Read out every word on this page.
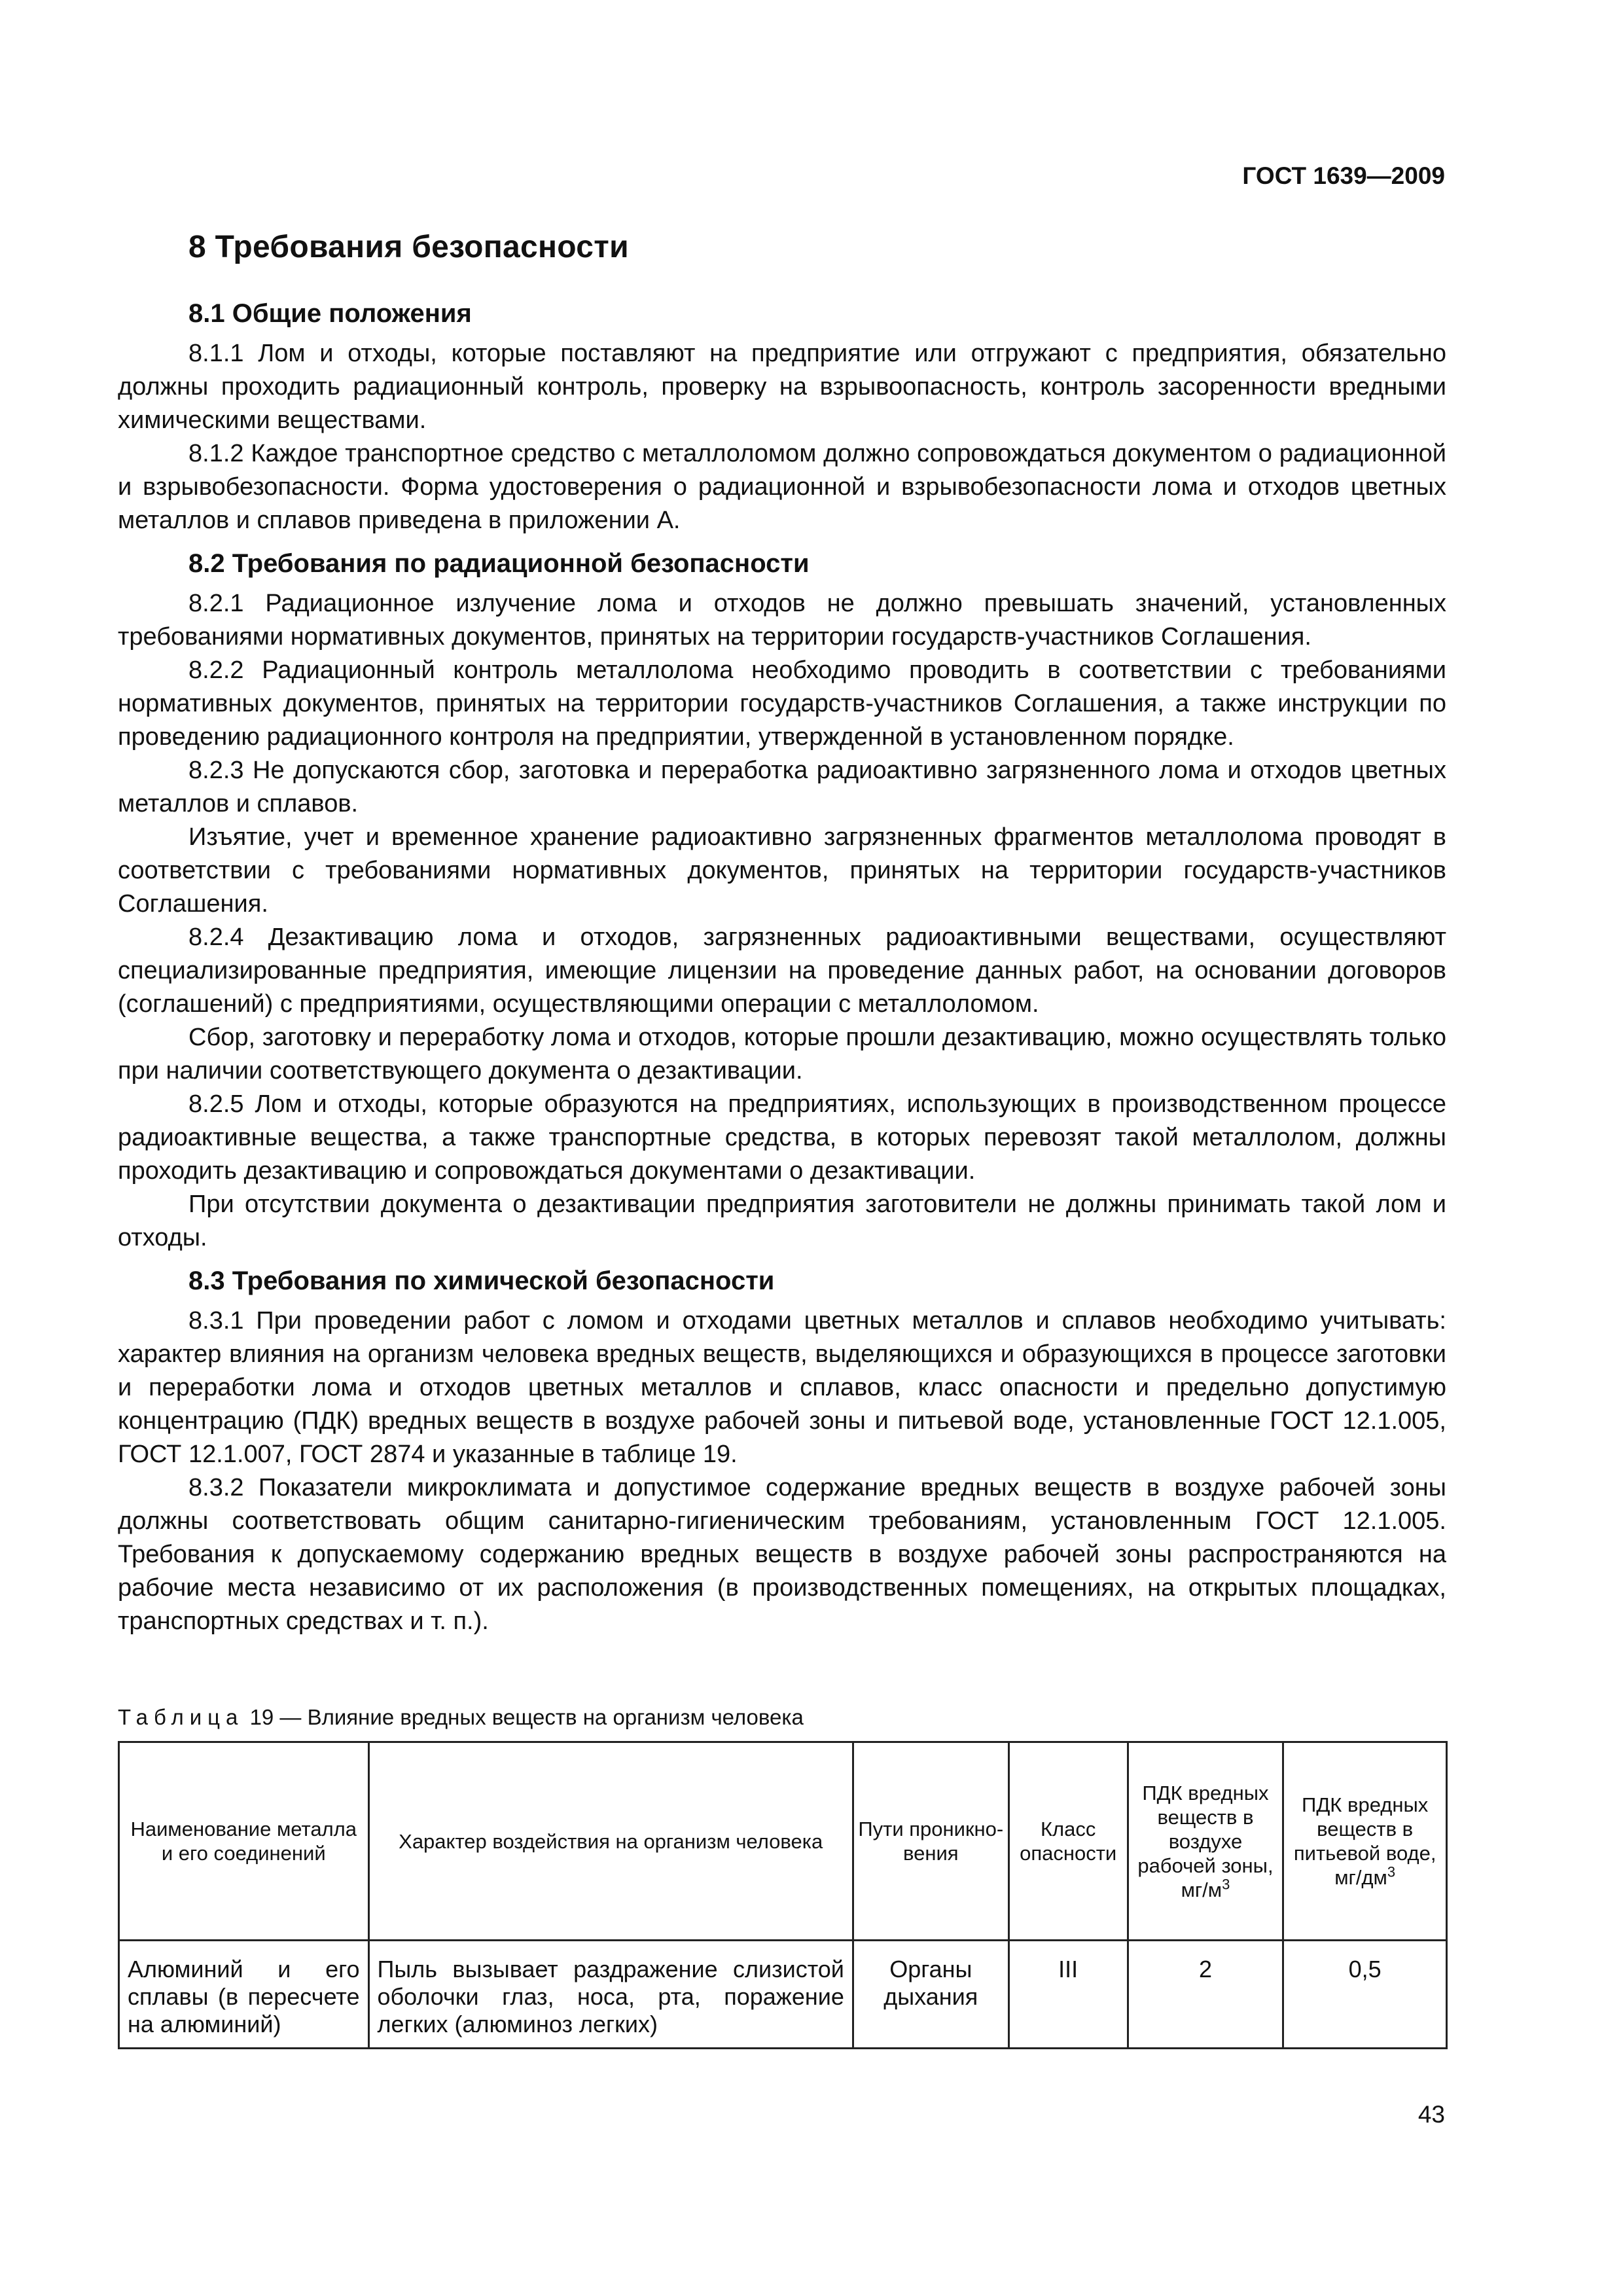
ГОСТ 1639—2009
8 Требования безопасности
8.1 Общие положения

8.1.1 Лом и отходы, которые поставляют на предприятие или отгружают с предприятия, обязательно должны проходить радиационный контроль, проверку на взрывоопасность, контроль засоренности вредными химическими веществами.

8.1.2 Каждое транспортное средство с металлоломом должно сопровождаться документом о радиационной и взрывобезопасности. Форма удостоверения о радиационной и взрывобезопасности лома и отходов цветных металлов и сплавов приведена в приложении А.

8.2 Требования по радиационной безопасности

8.2.1 Радиационное излучение лома и отходов не должно превышать значений, установленных требованиями нормативных документов, принятых на территории государств-участников Соглашения.

8.2.2 Радиационный контроль металлолома необходимо проводить в соответствии с требованиями нормативных документов, принятых на территории государств-участников Соглашения, а также инструкции по проведению радиационного контроля на предприятии, утвержденной в установленном порядке.

8.2.3 Не допускаются сбор, заготовка и переработка радиоактивно загрязненного лома и отходов цветных металлов и сплавов.

Изъятие, учет и временное хранение радиоактивно загрязненных фрагментов металлолома проводят в соответствии с требованиями нормативных документов, принятых на территории государств-участников Соглашения.

8.2.4 Дезактивацию лома и отходов, загрязненных радиоактивными веществами, осуществляют специализированные предприятия, имеющие лицензии на проведение данных работ, на основании договоров (соглашений) с предприятиями, осуществляющими операции с металлоломом.

Сбор, заготовку и переработку лома и отходов, которые прошли дезактивацию, можно осуществлять только при наличии соответствующего документа о дезактивации.

8.2.5 Лом и отходы, которые образуются на предприятиях, использующих в производственном процессе радиоактивные вещества, а также транспортные средства, в которых перевозят такой металлолом, должны проходить дезактивацию и сопровождаться документами о дезактивации.

При отсутствии документа о дезактивации предприятия заготовители не должны принимать такой лом и отходы.

8.3 Требования по химической безопасности

8.3.1 При проведении работ с ломом и отходами цветных металлов и сплавов необходимо учитывать: характер влияния на организм человека вредных веществ, выделяющихся и образующихся в процессе заготовки и переработки лома и отходов цветных металлов и сплавов, класс опасности и предельно допустимую концентрацию (ПДК) вредных веществ в воздухе рабочей зоны и питьевой воде, установленные ГОСТ 12.1.005, ГОСТ 12.1.007, ГОСТ 2874 и указанные в таблице 19.

8.3.2 Показатели микроклимата и допустимое содержание вредных веществ в воздухе рабочей зоны должны соответствовать общим санитарно-гигиеническим требованиям, установленным ГОСТ 12.1.005. Требования к допускаемому содержанию вредных веществ в воздухе рабочей зоны распространяются на рабочие места независимо от их расположения (в производственных помещениях, на открытых площадках, транспортных средствах и т. п.).

Таблица 19 — Влияние вредных веществ на организм человека
Наименование металла и его соединений	Характер воздействия на организм человека	Пути проникно- вения	Класс опасности	ПДК вредных веществ в воздухе рабочей зоны, $мг/м^3$	ПДК вредных веществ в питьевой воде, $мг/дм^3$
Алюминий и его сплавы (в пересчете на алюминий)	Пыль вызывает раздражение слизистой оболочки глаз, носа, рта, поражение легких (алюминоз легких)	Органы дыхания	III	2	0,5
43
